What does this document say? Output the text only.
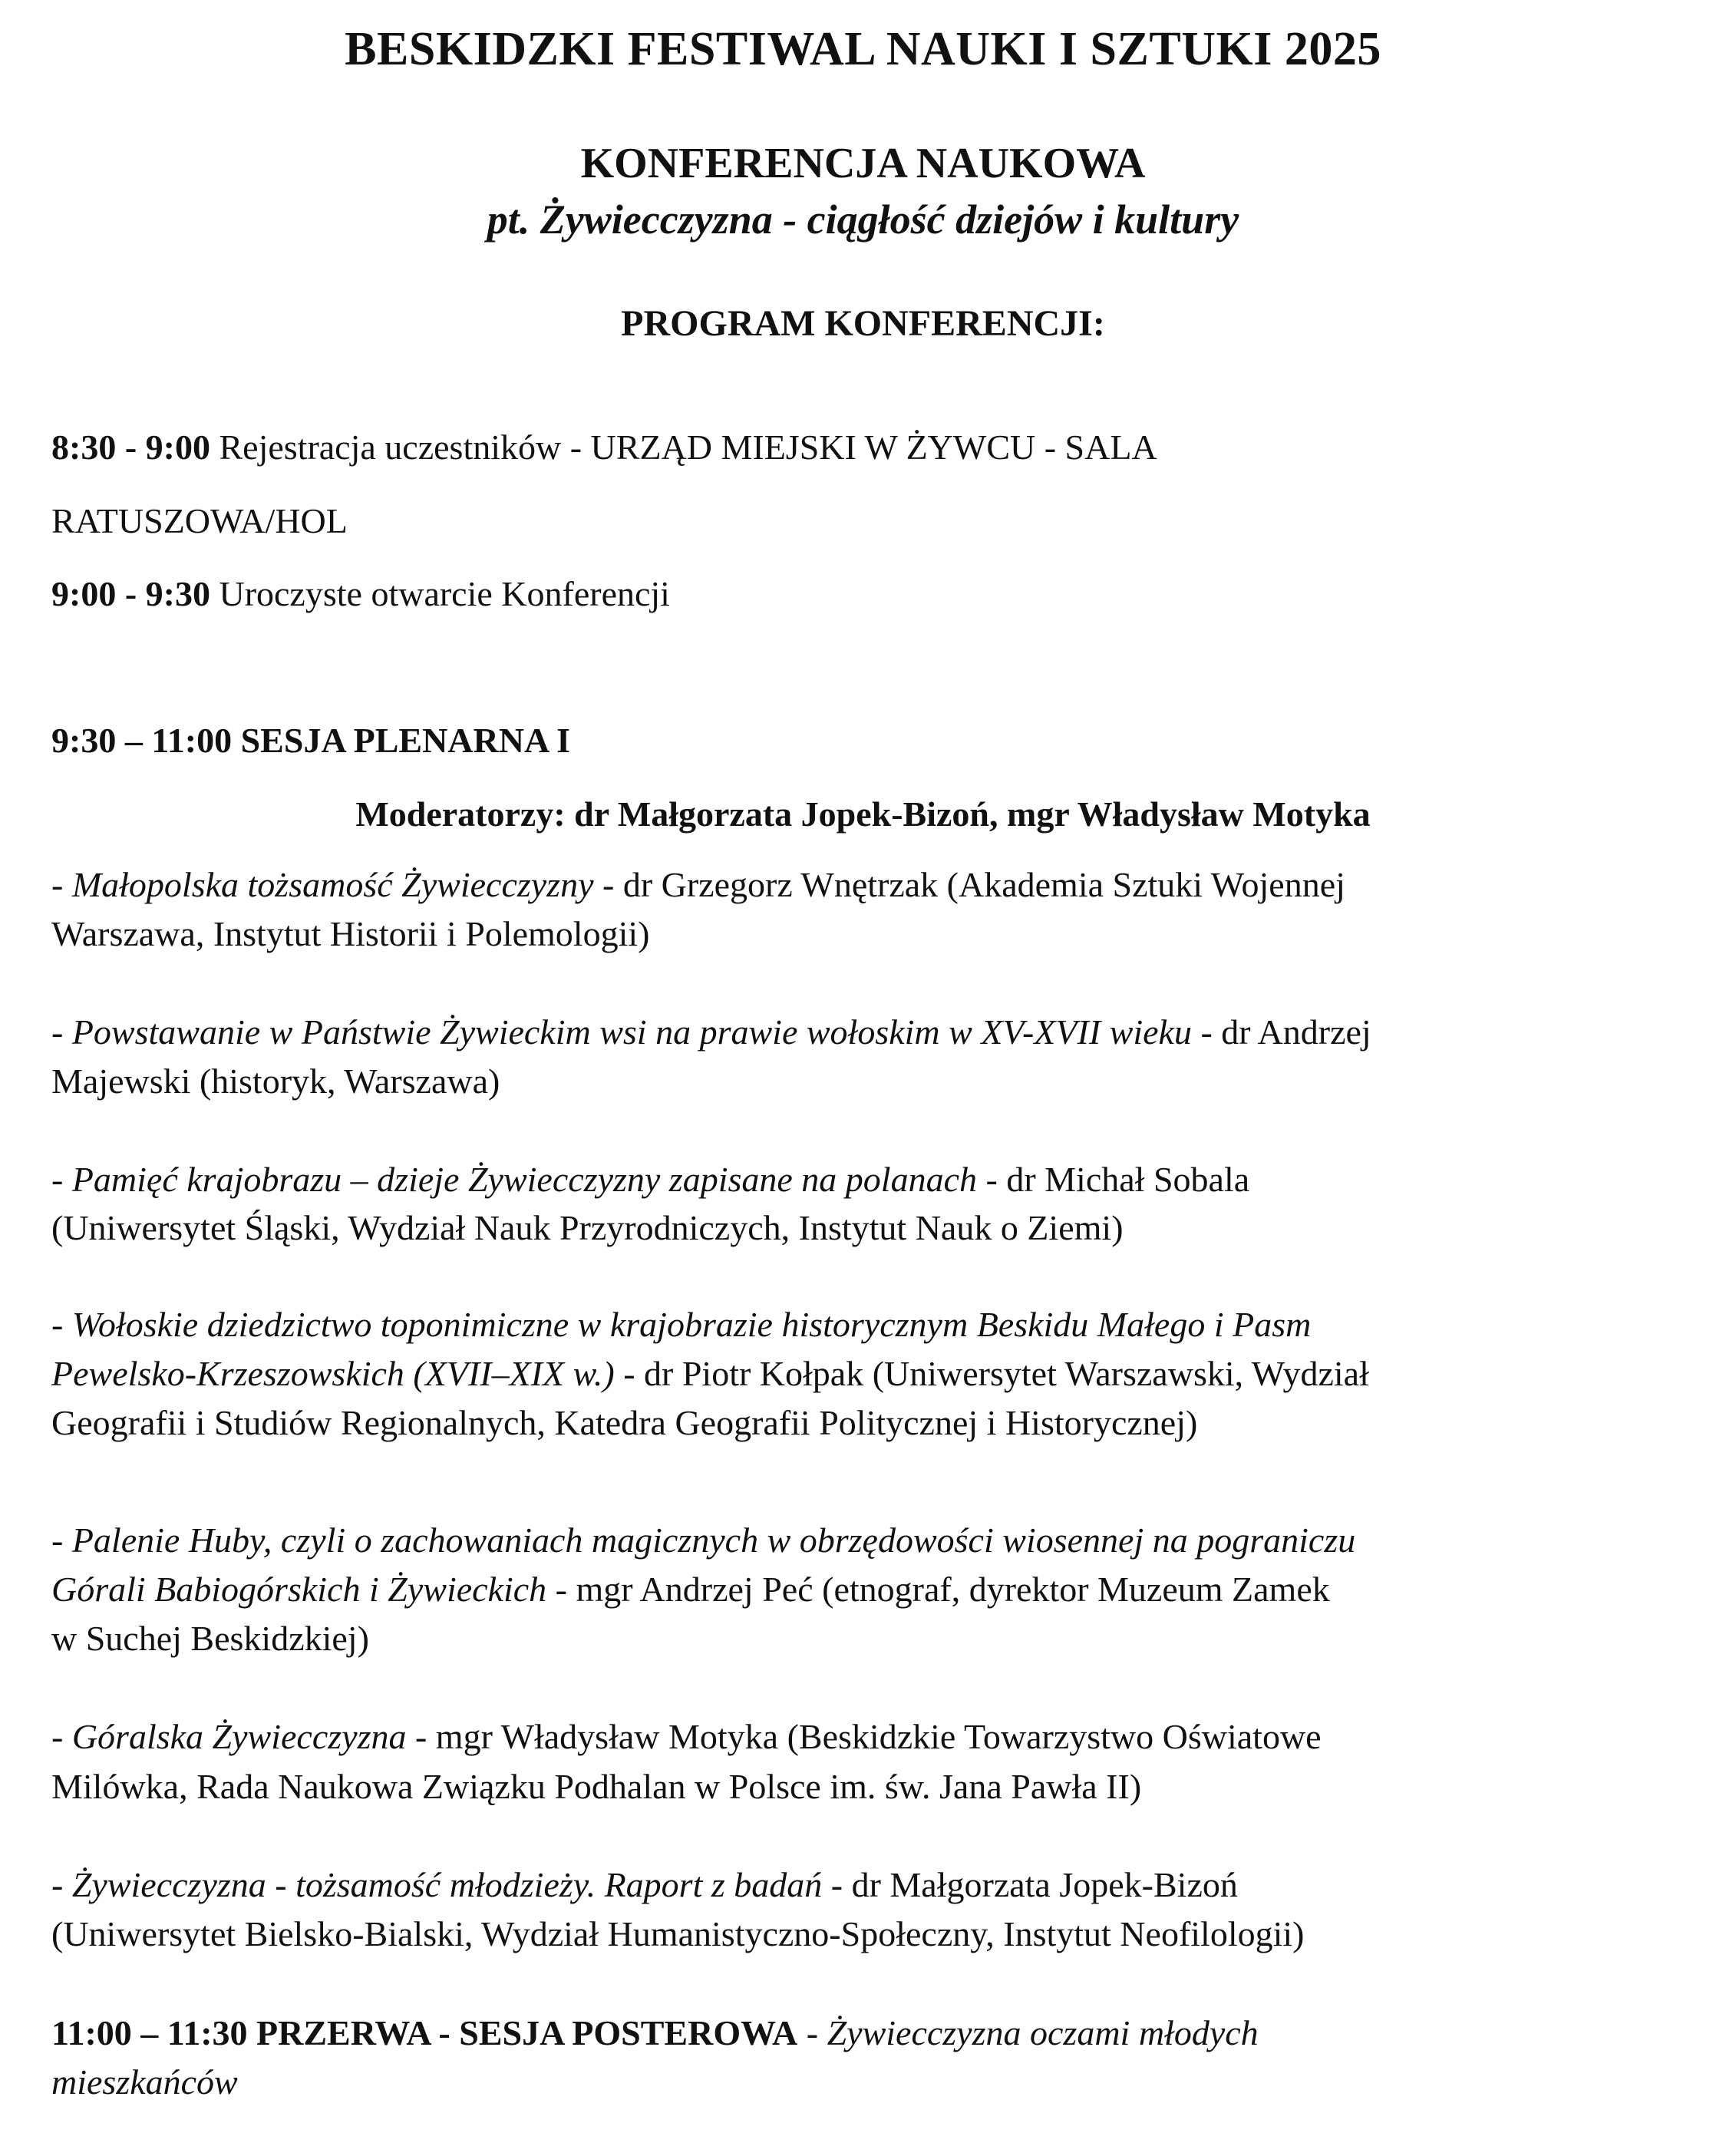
BESKIDZKI FESTIWAL NAUKI I SZTUKI 2025
KONFERENCJA NAUKOWA
pt. Żywiecczyzna - ciągłość dziejów i kultury
PROGRAM KONFERENCJI:
8:30 - 9:00 Rejestracja uczestników - URZĄD MIEJSKI W ŻYWCU - SALA
RATUSZOWA/HOL
9:00 - 9:30 Uroczyste otwarcie Konferencji
9:30 – 11:00 SESJA PLENARNA I
Moderatorzy: dr Małgorzata Jopek-Bizoń, mgr Władysław Motyka
- Małopolska tożsamość Żywiecczyzny - dr Grzegorz Wnętrzak (Akademia Sztuki Wojennej
Warszawa, Instytut Historii i Polemologii)
- Powstawanie w Państwie Żywieckim wsi na prawie wołoskim w XV-XVII wieku - dr Andrzej
Majewski (historyk, Warszawa)
- Pamięć krajobrazu – dzieje Żywiecczyzny zapisane na polanach - dr Michał Sobala
(Uniwersytet Śląski, Wydział Nauk Przyrodniczych, Instytut Nauk o Ziemi)
- Wołoskie dziedzictwo toponimiczne w krajobrazie historycznym Beskidu Małego i Pasm
Pewelsko-Krzeszowskich (XVII–XIX w.) - dr Piotr Kołpak (Uniwersytet Warszawski, Wydział
Geografii i Studiów Regionalnych, Katedra Geografii Politycznej i Historycznej)
- Palenie Huby, czyli o zachowaniach magicznych w obrzędowości wiosennej na pograniczu
Górali Babiogórskich i Żywieckich - mgr Andrzej Peć (etnograf, dyrektor Muzeum Zamek
w Suchej Beskidzkiej)
- Góralska Żywiecczyzna - mgr Władysław Motyka (Beskidzkie Towarzystwo Oświatowe
Milówka, Rada Naukowa Związku Podhalan w Polsce im. św. Jana Pawła II)
- Żywiecczyzna - tożsamość młodzieży. Raport z badań - dr Małgorzata Jopek-Bizoń
(Uniwersytet Bielsko-Bialski, Wydział Humanistyczno-Społeczny, Instytut Neofilologii)
11:00 – 11:30 PRZERWA - SESJA POSTEROWA - Żywiecczyzna oczami młodych
mieszkańców
